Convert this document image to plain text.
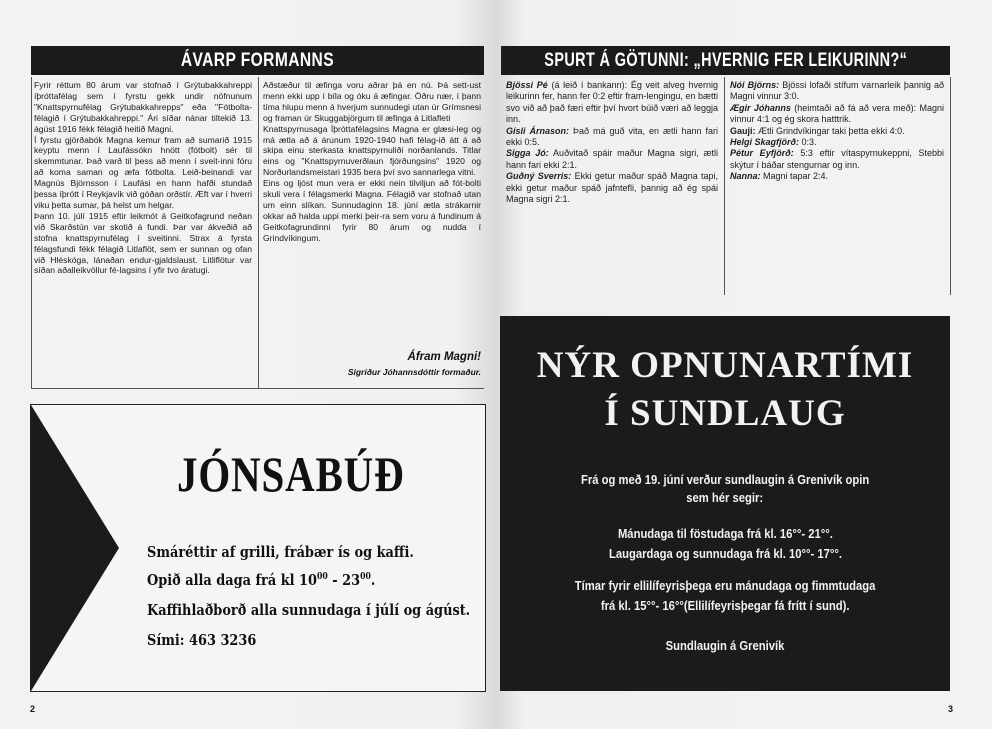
ÁVARP FORMANNS

Fyrir réttum 80 árum var stofnað í Grýtubakkahreppi íþróttafélag sem í fyrstu gekk undir nöfnunum "Knattspyrnufélag Grýtubakkahrepps" eða "Fótbolta-félagið í Grýtubakkahreppi." Ári síðar nánar tiltekið 13. ágúst 1916 fékk félagið heitið Magni.

Í fyrstu gjörðabók Magna kemur fram að sumarið 1915 keyptu menn í Laufássókn hnött (fótbolt) sér til skemmtunar. Það varð til þess að menn í sveit-inni fóru að koma saman og æfa fótbolta. Leið-beinandi var Magnús Björnsson í Laufási en hann hafði stundað þessa íþrótt í Reykjavík við góðan orðstír. Æft var í hverri viku þetta sumar, þá helst um helgar.

Þann 10. júlí 1915 eftir leikmót á Geitkofagrund neðan við Skarðstún var skotið á fundi. Þar var ákveðið að stofna knattspyrnufélag í sveitinni. Strax á fyrsta félagsfundi fékk félagið Litlaflöt, sem er sunnan og ofan við Hléskóga, lánaðan endur-gjaldslaust. Litliflötur var síðan aðalleikvöllur fé-lagsins í yfir tvo áratugi.

Aðstæður til æfinga voru aðrar þá en nú. Þá sett-ust menn ekki upp í bíla og óku á æfingar. Öðru nær, í þann tíma hlupu menn á hverjum sunnudegi utan úr Grímsnesi og framan úr Skuggabjörgum til æfinga á Litlafleti

Knattspyrnusaga Íþróttafélagsins Magna er glæsi-leg og má ætla að á árunum 1920-1940 hafi félag-ið átt á að skipa einu sterkasta knattspyrnuliði norðanlands. Titlar eins og "Knattspyrnuverðlaun fjórðungsins" 1920 og Norðurlandsmeistari 1935 bera því svo sannarlega vitni.

Eins og ljóst mun vera er ekki nein tilviljun að fót-bolti skuli vera í félagsmerki Magna. Félagið var stofnað utan um einn slíkan. Sunnudaginn 18. júní ætla strákarnir okkar að halda uppi merki þeir-ra sem voru á fundinum á Geitkofagrundinni fyrir 80 árum og nudda í Grindvíkingum.

Áfram Magni!
Sigríður Jóhannsdóttir formaður.
JÓNSABÚÐ
Smáréttir af grilli, frábær ís og kaffi.
Opið alla daga frá kl $10^{00} - 23^{00}$.
Kaffihlaðborð alla sunnudaga í júlí og ágúst.
Sími: 463 3236
2
SPURT Á GÖTUNNI: „HVERNIG FER LEIKURINN?“

Bjössi Pé (á leið í bankann): Ég veit alveg hvernig leikurinn fer, hann fer 0:2 eftir fram-lengingu, en bætti svo við að það færi eftir því hvort búið væri að leggja inn.

Gísli Árnason: Það má guð vita, en ætli hann fari ekki 0:5.

Sigga Jó: Auðvitað spáir maður Magna sigri, ætli hann fari ekki 2:1.

Guðný Sverris: Ekki getur maður spáð Magna tapi, ekki getur maður spáð jafntefli, þannig að ég spái Magna sigri 2:1.

Nói Björns: Bjössi lofaði stífum varnarleik þannig að Magni vinnur 3:0.

Ægir Jóhanns (heimtaði að fá að vera með): Magni vinnur 4:1 og ég skora hatttrik.

Gauji: Ætli Grindvíkingar taki þetta ekki 4:0.

Helgi Skagfjörð: 0:3.

Pétur Eyfjörð: 5:3 eftir vítaspyrnukeppni, Stebbi skýtur í báðar stengurnar og inn.

Nanna: Magni tapar 2:4.

NÝR OPNUNARTÍMI
Í SUNDLAUG
Frá og með 19. júní verður sundlaugin á Grenivík opin
sem hér segir:
Mánudaga til föstudaga frá kl. 16°°- 21°°.
Laugardaga og sunnudaga frá kl. 10°°- 17°°.
Tímar fyrir ellilífeyrisþega eru mánudaga og fimmtudaga
frá kl. 15°°- 16°°(Ellilífeyrisþegar fá frítt í sund).
Sundlaugin á Grenivík
3
